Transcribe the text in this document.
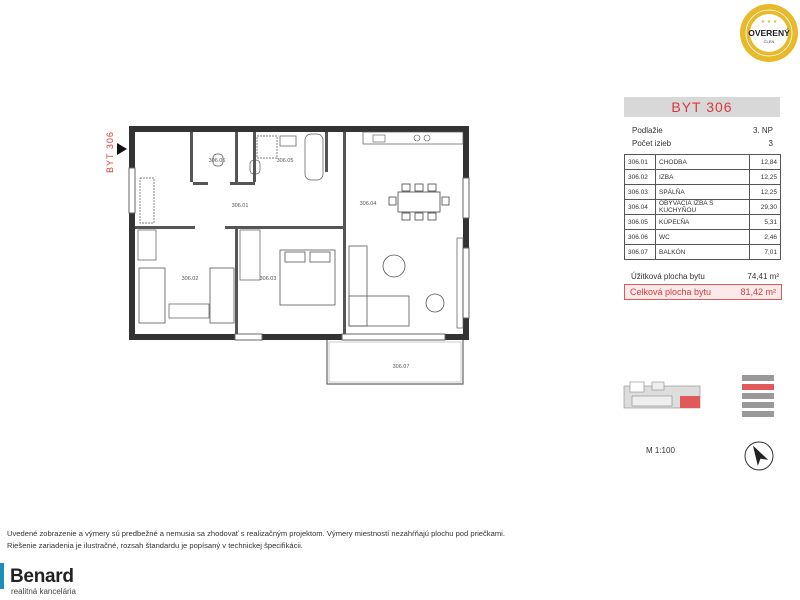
★ ★ ★
OVERENÝ
ČLEN
BYT 306
306.01
306.02	306.03
306.04
306.05
306.06
306.07
BYT 306
Podlažie	3. NP
Počet izieb	3
306.01	CHODBA	12,84
306.02	IZBA	12,25
306.03	SPÁLŇA	12,25
306.04	OBÝVACIA IZBA S KUCHYŇOU	29,30
306.05	KÚPEĽŇA	5,31
306.06	WC	2,46
306.07	BALKÓN	7,01
Úžitková plocha bytu	74,41 m²
Celková plocha bytu	81,42 m²
M 1:100
Uvedené zobrazenie a výmery sú predbežné a nemusia sa zhodovať s realizačným projektom. Výmery miestností nezahŕňajú plochu pod priečkami.
Riešenie zariadenia je ilustračné, rozsah štandardu je popísaný v technickej špecifikácii.
Benard
realitná kancelária
